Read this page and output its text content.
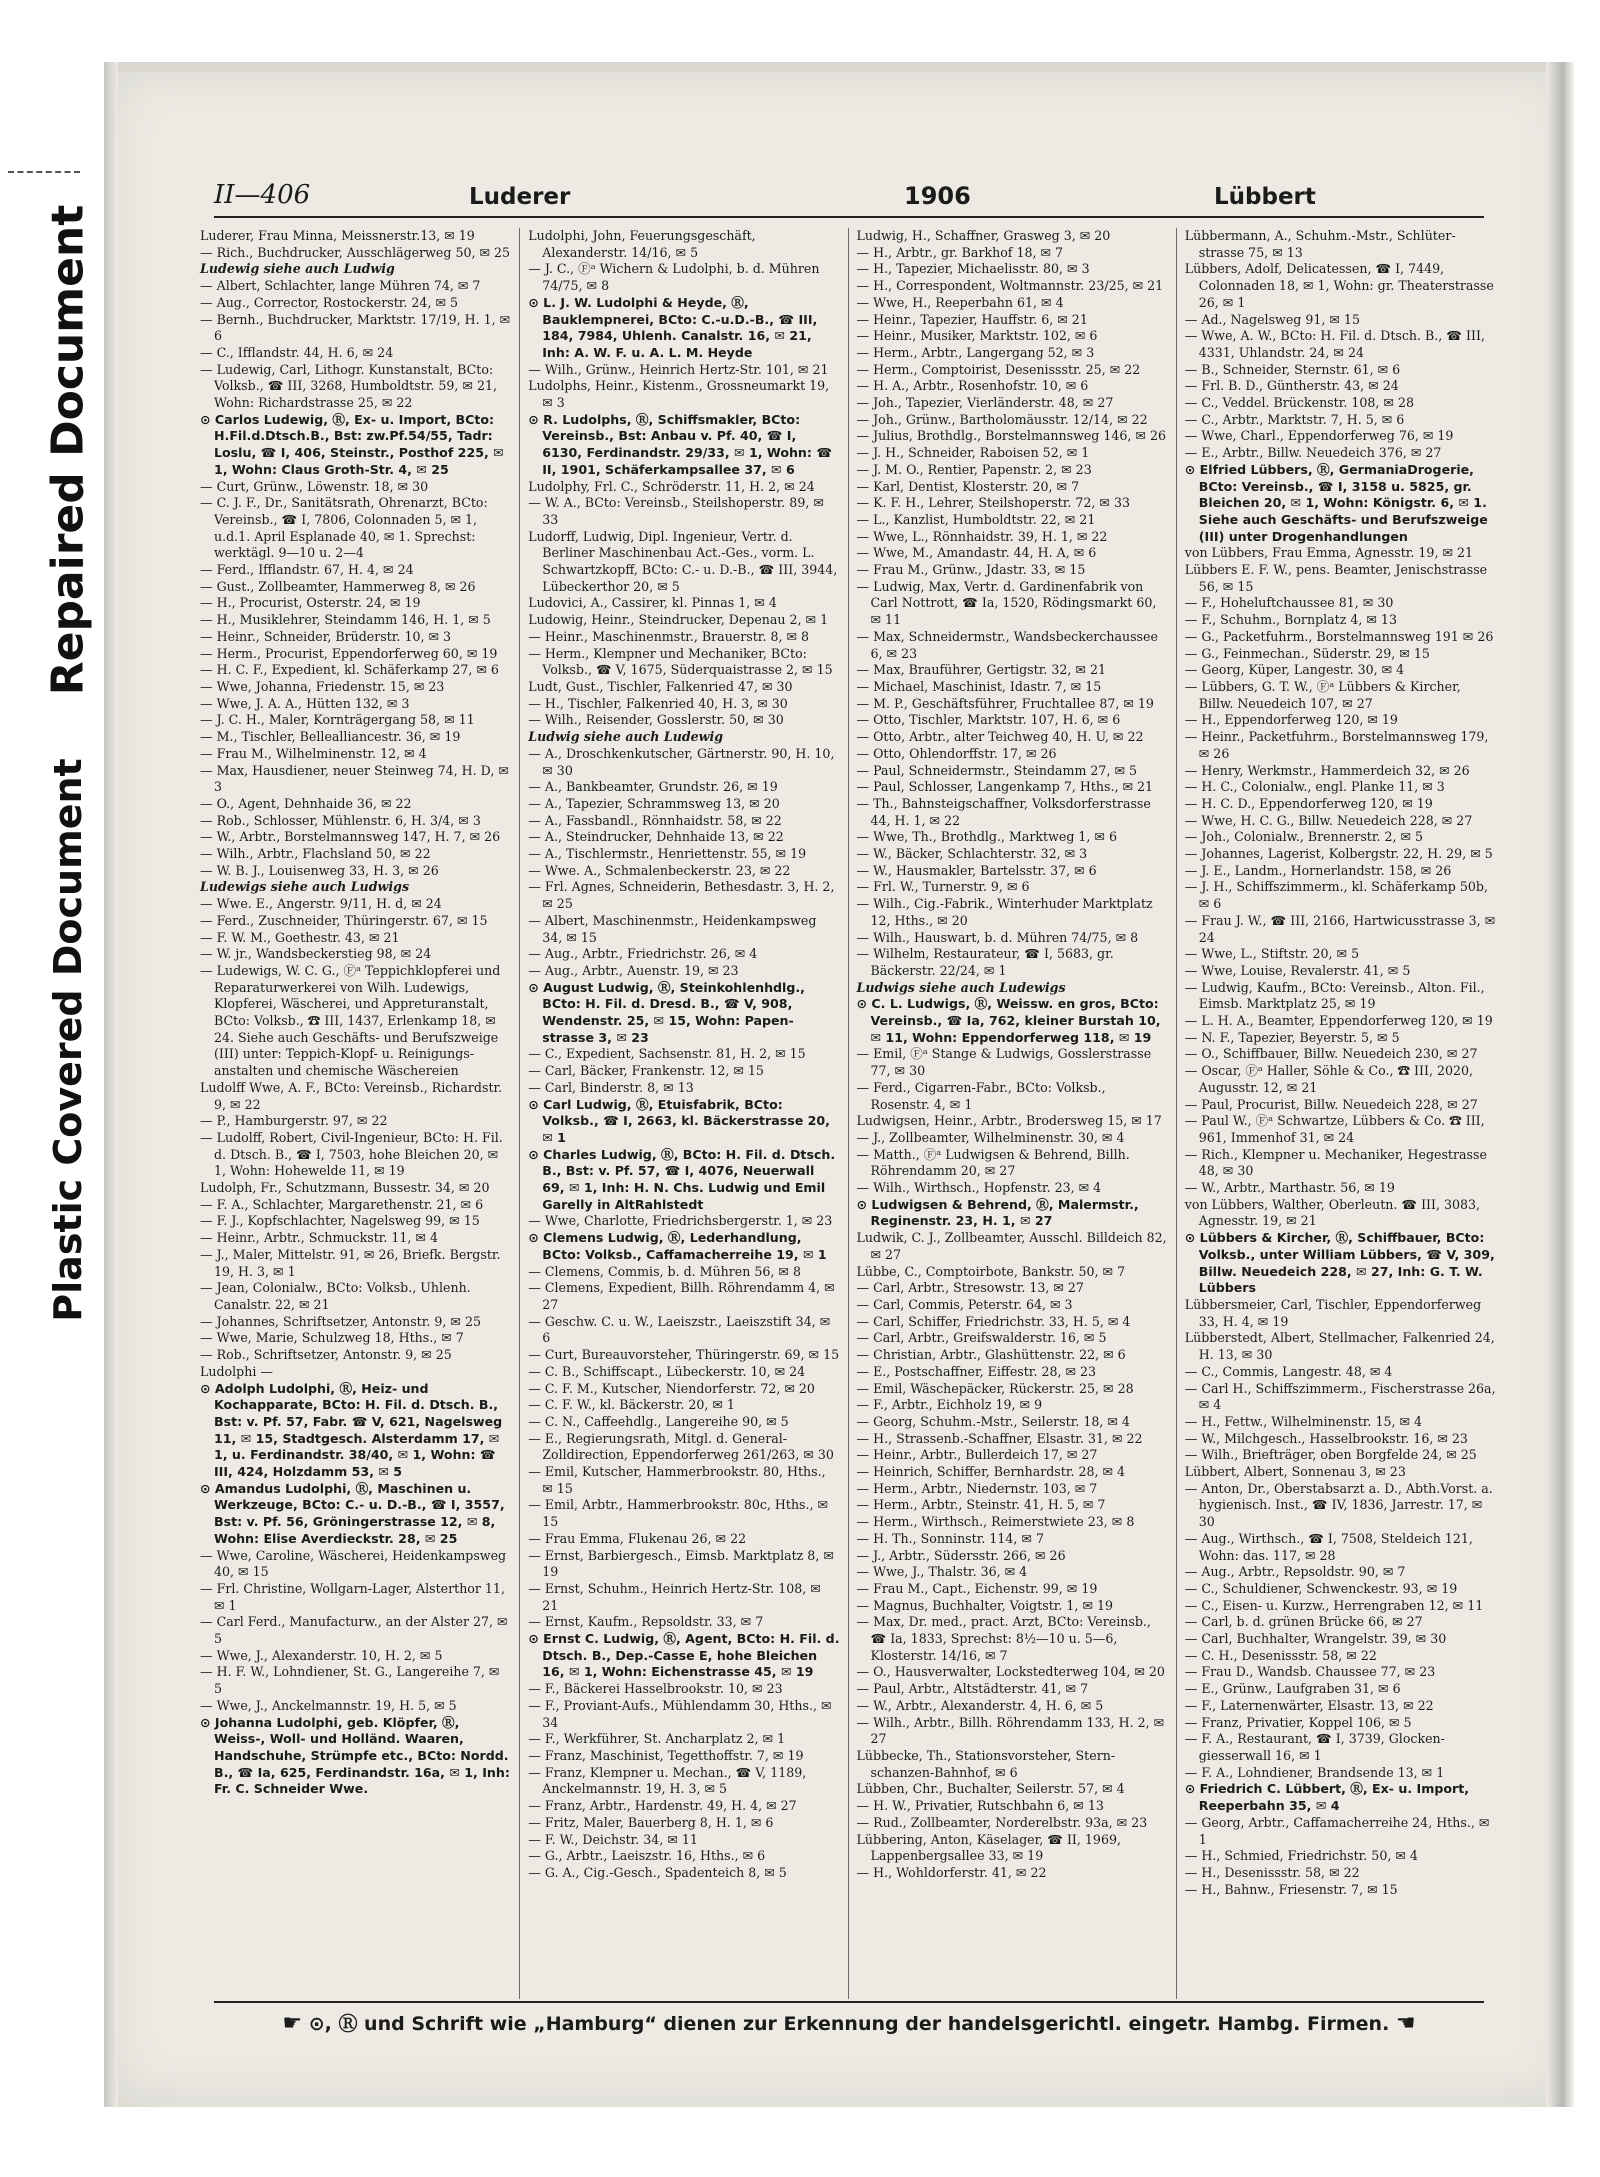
Repaired Document
Plastic Covered Document
II—406	Luderer	1906	Lübbert

Luderer, Frau Minna, Meissnerstr.13, ✉ 19

— Rich., Buchdrucker, Ausschlägerweg 50, ✉ 25

Ludewig siehe auch Ludwig

— Albert, Schlachter, lange Mühren 74, ✉ 7

— Aug., Corrector, Rostockerstr. 24, ✉ 5

— Bernh., Buchdrucker, Marktstr. 17/19, H. 1, ✉ 6

— C., Ifflandstr. 44, H. 6, ✉ 24

— Ludewig, Carl, Lithogr. Kunstanstalt, BCto: Volksb., ☎ III, 3268, Humboldtstr. 59, ✉ 21, Wohn: Richardstrasse 25, ✉ 22

⊙ Carlos Ludewig, Ⓡ, Ex- u. Import, BCto: H.Fil.d.Dtsch.B., Bst: zw.Pf.54/55, Tadr: Loslu, ☎ I, 406, Steinstr., Posthof 225, ✉ 1, Wohn: Claus Groth-Str. 4, ✉ 25

— Curt, Grünw., Löwenstr. 18, ✉ 30

— C. J. F., Dr., Sanitätsrath, Ohrenarzt, BCto: Vereinsb., ☎ I, 7806, Colonnaden 5, ✉ 1, u.d.1. April Esplanade 40, ✉ 1. Sprechst: werktägl. 9—10 u. 2—4

— Ferd., Ifflandstr. 67, H. 4, ✉ 24

— Gust., Zollbeamter, Hammerweg 8, ✉ 26

— H., Procurist, Osterstr. 24, ✉ 19

— H., Musiklehrer, Steindamm 146, H. 1, ✉ 5

— Heinr., Schneider, Brüderstr. 10, ✉ 3

— Herm., Procurist, Eppendorferweg 60, ✉ 19

— H. C. F., Expedient, kl. Schäferkamp 27, ✉ 6

— Wwe, Johanna, Friedenstr. 15, ✉ 23

— Wwe, J. A. A., Hütten 132, ✉ 3

— J. C. H., Maler, Kornträgergang 58, ✉ 11

— M., Tischler, Bellealliancestr. 36, ✉ 19

— Frau M., Wilhelminenstr. 12, ✉ 4

— Max, Hausdiener, neuer Steinweg 74, H. D, ✉ 3

— O., Agent, Dehnhaide 36, ✉ 22

— Rob., Schlosser, Mühlenstr. 6, H. 3/4, ✉ 3

— W., Arbtr., Borstelmannsweg 147, H. 7, ✉ 26

— Wilh., Arbtr., Flachsland 50, ✉ 22

— W. B. J., Louisenweg 33, H. 3, ✉ 26

Ludewigs siehe auch Ludwigs

— Wwe. E., Angerstr. 9/11, H. d, ✉ 24

— Ferd., Zuschneider, Thüringerstr. 67, ✉ 15

— F. W. M., Goethestr. 43, ✉ 21

— W. jr., Wandsbeckerstieg 98, ✉ 24

— Ludewigs, W. C. G., Ⓕᵃ Teppichklopferei und Reparaturwerkerei von Wilh. Ludewigs, Klopferei, Wäscherei, und Appreturanstalt, BCto: Volksb., ☎ III, 1437, Erlenkamp 18, ✉ 24. Siehe auch Geschäfts- und Berufszweige (III) unter: Teppich-Klopf- u. Reinigungsanstalten und chemische Wäschereien

Ludolff Wwe, A. F., BCto: Vereinsb., Richardstr. 9, ✉ 22

— P., Hamburgerstr. 97, ✉ 22

— Ludolff, Robert, Civil-Ingenieur, BCto: H. Fil. d. Dtsch. B., ☎ I, 7503, hohe Bleichen 20, ✉ 1, Wohn: Hohewelde 11, ✉ 19

Ludolph, Fr., Schutzmann, Bussestr. 34, ✉ 20

— F. A., Schlachter, Margarethenstr. 21, ✉ 6

— F. J., Kopfschlachter, Nagelsweg 99, ✉ 15

— Heinr., Arbtr., Schmuckstr. 11, ✉ 4

— J., Maler, Mittelstr. 91, ✉ 26, Briefk. Bergstr. 19, H. 3, ✉ 1

— Jean, Colonialw., BCto: Volksb., Uhlenh. Canalstr. 22, ✉ 21

— Johannes, Schriftsetzer, Antonstr. 9, ✉ 25

— Wwe, Marie, Schulzweg 18, Hths., ✉ 7

— Rob., Schriftsetzer, Antonstr. 9, ✉ 25

Ludolphi —

⊙ Adolph Ludolphi, Ⓡ, Heiz- und Kochapparate, BCto: H. Fil. d. Dtsch. B., Bst: v. Pf. 57, Fabr. ☎ V, 621, Nagelsweg 11, ✉ 15, Stadtgesch. Alsterdamm 17, ✉ 1, u. Ferdinandstr. 38/40, ✉ 1, Wohn: ☎ III, 424, Holzdamm 53, ✉ 5

⊙ Amandus Ludolphi, Ⓡ, Maschinen u. Werkzeuge, BCto: C.- u. D.-B., ☎ I, 3557, Bst: v. Pf. 56, Gröningerstrasse 12, ✉ 8, Wohn: Elise Averdieckstr. 28, ✉ 25

— Wwe, Caroline, Wäscherei, Heidenkampsweg 40, ✉ 15

— Frl. Christine, Wollgarn-Lager, Alsterthor 11, ✉ 1

— Carl Ferd., Manufacturw., an der Alster 27, ✉ 5

— Wwe, J., Alexanderstr. 10, H. 2, ✉ 5

— H. F. W., Lohndiener, St. G., Langereihe 7, ✉ 5

— Wwe, J., Anckelmannstr. 19, H. 5, ✉ 5

⊙ Johanna Ludolphi, geb. Klöpfer, Ⓡ, Weiss-, Woll- und Holländ. Waaren, Handschuhe, Strümpfe etc., BCto: Nordd. B., ☎ Ia, 625, Ferdinandstr. 16a, ✉ 1, Inh: Fr. C. Schneider Wwe.

Ludolphi, John, Feuerungsgeschäft, Alexanderstr. 14/16, ✉ 5

— J. C., Ⓕᵃ Wichern & Ludolphi, b. d. Mühren 74/75, ✉ 8

⊙ L. J. W. Ludolphi & Heyde, Ⓡ, Bauklempnerei, BCto: C.-u.D.-B., ☎ III, 184, 7984, Uhlenh. Canalstr. 16, ✉ 21, Inh: A. W. F. u. A. L. M. Heyde

— Wilh., Grünw., Heinrich Hertz-Str. 101, ✉ 21

Ludolphs, Heinr., Kistenm., Grossneumarkt 19, ✉ 3

⊙ R. Ludolphs, Ⓡ, Schiffsmakler, BCto: Vereinsb., Bst: Anbau v. Pf. 40, ☎ I, 6130, Ferdinandstr. 29/33, ✉ 1, Wohn: ☎ II, 1901, Schäferkampsallee 37, ✉ 6

Ludolphy, Frl. C., Schröderstr. 11, H. 2, ✉ 24

— W. A., BCto: Vereinsb., Steilshoperstr. 89, ✉ 33

Ludorff, Ludwig, Dipl. Ingenieur, Vertr. d. Berliner Maschinenbau Act.-Ges., vorm. L. Schwartzkopff, BCto: C.- u. D.-B., ☎ III, 3944, Lübeckerthor 20, ✉ 5

Ludovici, A., Cassirer, kl. Pinnas 1, ✉ 4

Ludowig, Heinr., Steindrucker, Depenau 2, ✉ 1

— Heinr., Maschinenmstr., Brauerstr. 8, ✉ 8

— Herm., Klempner und Mechaniker, BCto: Volksb., ☎ V, 1675, Süderquaistrasse 2, ✉ 15

Ludt, Gust., Tischler, Falkenried 47, ✉ 30

— H., Tischler, Falkenried 40, H. 3, ✉ 30

— Wilh., Reisender, Gosslerstr. 50, ✉ 30

Ludwig siehe auch Ludewig

— A., Droschkenkutscher, Gärtnerstr. 90, H. 10, ✉ 30

— A., Bankbeamter, Grundstr. 26, ✉ 19

— A., Tapezier, Schrammsweg 13, ✉ 20

— A., Fassbandl., Rönnhaidstr. 58, ✉ 22

— A., Steindrucker, Dehnhaide 13, ✉ 22

— A., Tischlermstr., Henriettenstr. 55, ✉ 19

— Wwe. A., Schmalenbeckerstr. 23, ✉ 22

— Frl. Agnes, Schneiderin, Bethesdastr. 3, H. 2, ✉ 25

— Albert, Maschinenmstr., Heidenkampsweg 34, ✉ 15

— Aug., Arbtr., Friedrichstr. 26, ✉ 4

— Aug., Arbtr., Auenstr. 19, ✉ 23

⊙ August Ludwig, Ⓡ, Steinkohlenhdlg., BCto: H. Fil. d. Dresd. B., ☎ V, 908, Wendenstr. 25, ✉ 15, Wohn: Papenstrasse 3, ✉ 23

— C., Expedient, Sachsenstr. 81, H. 2, ✉ 15

— Carl, Bäcker, Frankenstr. 12, ✉ 15

— Carl, Binderstr. 8, ✉ 13

⊙ Carl Ludwig, Ⓡ, Etuisfabrik, BCto: Volksb., ☎ I, 2663, kl. Bäckerstrasse 20, ✉ 1

⊙ Charles Ludwig, Ⓡ, BCto: H. Fil. d. Dtsch. B., Bst: v. Pf. 57, ☎ I, 4076, Neuerwall 69, ✉ 1, Inh: H. N. Chs. Ludwig und Emil Garelly in AltRahlstedt

— Wwe, Charlotte, Friedrichsbergerstr. 1, ✉ 23

⊙ Clemens Ludwig, Ⓡ, Lederhandlung, BCto: Volksb., Caffamacherreihe 19, ✉ 1

— Clemens, Commis, b. d. Mühren 56, ✉ 8

— Clemens, Expedient, Billh. Röhrendamm 4, ✉ 27

— Geschw. C. u. W., Laeiszstr., Laeiszstift 34, ✉ 6

— Curt, Bureauvorsteher, Thüringerstr. 69, ✉ 15

— C. B., Schiffscapt., Lübeckerstr. 10, ✉ 24

— C. F. M., Kutscher, Niendorferstr. 72, ✉ 20

— C. F. W., kl. Bäckerstr. 20, ✉ 1

— C. N., Caffeehdlg., Langereihe 90, ✉ 5

— E., Regierungsrath, Mitgl. d. GeneralZolldirection, Eppendorferweg 261/263, ✉ 30

— Emil, Kutscher, Hammerbrookstr. 80, Hths., ✉ 15

— Emil, Arbtr., Hammerbrookstr. 80c, Hths., ✉ 15

— Frau Emma, Flukenau 26, ✉ 22

— Ernst, Barbiergesch., Eimsb. Marktplatz 8, ✉ 19

— Ernst, Schuhm., Heinrich Hertz-Str. 108, ✉ 21

— Ernst, Kaufm., Repsoldstr. 33, ✉ 7

⊙ Ernst C. Ludwig, Ⓡ, Agent, BCto: H. Fil. d. Dtsch. B., Dep.-Casse E, hohe Bleichen 16, ✉ 1, Wohn: Eichenstrasse 45, ✉ 19

— F., Bäckerei Hasselbrookstr. 10, ✉ 23

— F., Proviant-Aufs., Mühlendamm 30, Hths., ✉ 34

— F., Werkführer, St. Ancharplatz 2, ✉ 1

— Franz, Maschinist, Tegetthoffstr. 7, ✉ 19

— Franz, Klempner u. Mechan., ☎ V, 1189, Anckelmannstr. 19, H. 3, ✉ 5

— Franz, Arbtr., Hardenstr. 49, H. 4, ✉ 27

— Fritz, Maler, Bauerberg 8, H. 1, ✉ 6

— F. W., Deichstr. 34, ✉ 11

— G., Arbtr., Laeiszstr. 16, Hths., ✉ 6

— G. A., Cig.-Gesch., Spadenteich 8, ✉ 5

Ludwig, H., Schaffner, Grasweg 3, ✉ 20

— H., Arbtr., gr. Barkhof 18, ✉ 7

— H., Tapezier, Michaelisstr. 80, ✉ 3

— H., Correspondent, Woltmannstr. 23/25, ✉ 21

— Wwe, H., Reeperbahn 61, ✉ 4

— Heinr., Tapezier, Hauffstr. 6, ✉ 21

— Heinr., Musiker, Marktstr. 102, ✉ 6

— Herm., Arbtr., Langergang 52, ✉ 3

— Herm., Comptoirist, Desenissstr. 25, ✉ 22

— H. A., Arbtr., Rosenhofstr. 10, ✉ 6

— Joh., Tapezier, Vierländerstr. 48, ✉ 27

— Joh., Grünw., Bartholomäusstr. 12/14, ✉ 22

— Julius, Brothdlg., Borstelmannsweg 146, ✉ 26

— J. H., Schneider, Raboisen 52, ✉ 1

— J. M. O., Rentier, Papenstr. 2, ✉ 23

— Karl, Dentist, Klosterstr. 20, ✉ 7

— K. F. H., Lehrer, Steilshoperstr. 72, ✉ 33

— L., Kanzlist, Humboldtstr. 22, ✉ 21

— Wwe, L., Rönnhaidstr. 39, H. 1, ✉ 22

— Wwe, M., Amandastr. 44, H. A, ✉ 6

— Frau M., Grünw., Jdastr. 33, ✉ 15

— Ludwig, Max, Vertr. d. Gardinenfabrik von Carl Nottrott, ☎ Ia, 1520, Rödingsmarkt 60, ✉ 11

— Max, Schneidermstr., Wandsbeckerchaussee 6, ✉ 23

— Max, Brauführer, Gertigstr. 32, ✉ 21

— Michael, Maschinist, Idastr. 7, ✉ 15

— M. P., Geschäftsführer, Fruchtallee 87, ✉ 19

— Otto, Tischler, Marktstr. 107, H. 6, ✉ 6

— Otto, Arbtr., alter Teichweg 40, H. U, ✉ 22

— Otto, Ohlendorffstr. 17, ✉ 26

— Paul, Schneidermstr., Steindamm 27, ✉ 5

— Paul, Schlosser, Langenkamp 7, Hths., ✉ 21

— Th., Bahnsteigschaffner, Volksdorferstrasse 44, H. 1, ✉ 22

— Wwe, Th., Brothdlg., Marktweg 1, ✉ 6

— W., Bäcker, Schlachterstr. 32, ✉ 3

— W., Hausmakler, Bartelsstr. 37, ✉ 6

— Frl. W., Turnerstr. 9, ✉ 6

— Wilh., Cig.-Fabrik., Winterhuder Marktplatz 12, Hths., ✉ 20

— Wilh., Hauswart, b. d. Mühren 74/75, ✉ 8

— Wilhelm, Restaurateur, ☎ I, 5683, gr. Bäckerstr. 22/24, ✉ 1

Ludwigs siehe auch Ludewigs

⊙ C. L. Ludwigs, Ⓡ, Weissw. en gros, BCto: Vereinsb., ☎ Ia, 762, kleiner Burstah 10, ✉ 11, Wohn: Eppendorferweg 118, ✉ 19

— Emil, Ⓕᵃ Stange & Ludwigs, Gosslerstrasse 77, ✉ 30

— Ferd., Cigarren-Fabr., BCto: Volksb., Rosenstr. 4, ✉ 1

Ludwigsen, Heinr., Arbtr., Brodersweg 15, ✉ 17

— J., Zollbeamter, Wilhelminenstr. 30, ✉ 4

— Matth., Ⓕᵃ Ludwigsen & Behrend, Billh. Röhrendamm 20, ✉ 27

— Wilh., Wirthsch., Hopfenstr. 23, ✉ 4

⊙ Ludwigsen & Behrend, Ⓡ, Malermstr., Reginenstr. 23, H. 1, ✉ 27

Ludwik, C. J., Zollbeamter, Ausschl. Billdeich 82, ✉ 27

Lübbe, C., Comptoirbote, Bankstr. 50, ✉ 7

— Carl, Arbtr., Stresowstr. 13, ✉ 27

— Carl, Commis, Peterstr. 64, ✉ 3

— Carl, Schiffer, Friedrichstr. 33, H. 5, ✉ 4

— Carl, Arbtr., Greifswalderstr. 16, ✉ 5

— Christian, Arbtr., Glashüttenstr. 22, ✉ 6

— E., Postschaffner, Eiffestr. 28, ✉ 23

— Emil, Wäschepäcker, Rückerstr. 25, ✉ 28

— F., Arbtr., Eichholz 19, ✉ 9

— Georg, Schuhm.-Mstr., Seilerstr. 18, ✉ 4

— H., Strassenb.-Schaffner, Elsastr. 31, ✉ 22

— Heinr., Arbtr., Bullerdeich 17, ✉ 27

— Heinrich, Schiffer, Bernhardstr. 28, ✉ 4

— Herm., Arbtr., Niedernstr. 103, ✉ 7

— Herm., Arbtr., Steinstr. 41, H. 5, ✉ 7

— Herm., Wirthsch., Reimerstwiete 23, ✉ 8

— H. Th., Sonninstr. 114, ✉ 7

— J., Arbtr., Südersstr. 266, ✉ 26

— Wwe, J., Thalstr. 36, ✉ 4

— Frau M., Capt., Eichenstr. 99, ✉ 19

— Magnus, Buchhalter, Voigtstr. 1, ✉ 19

— Max, Dr. med., pract. Arzt, BCto: Vereinsb., ☎ Ia, 1833, Sprechst: 8½—10 u. 5—6, Klosterstr. 14/16, ✉ 7

— O., Hausverwalter, Lockstedterweg 104, ✉ 20

— Paul, Arbtr., Altstädterstr. 41, ✉ 7

— W., Arbtr., Alexanderstr. 4, H. 6, ✉ 5

— Wilh., Arbtr., Billh. Röhrendamm 133, H. 2, ✉ 27

Lübbecke, Th., Stationsvorsteher, Sternschanzen-Bahnhof, ✉ 6

Lübben, Chr., Buchalter, Seilerstr. 57, ✉ 4

— H. W., Privatier, Rutschbahn 6, ✉ 13

— Rud., Zollbeamter, Norderelbstr. 93a, ✉ 23

Lübbering, Anton, Käselager, ☎ II, 1969, Lappenbergsallee 33, ✉ 19

— H., Wohldorferstr. 41, ✉ 22

Lübbermann, A., Schuhm.-Mstr., Schlüterstrasse 75, ✉ 13

Lübbers, Adolf, Delicatessen, ☎ I, 7449, Colonnaden 18, ✉ 1, Wohn: gr. Theaterstrasse 26, ✉ 1

— Ad., Nagelsweg 91, ✉ 15

— Wwe, A. W., BCto: H. Fil. d. Dtsch. B., ☎ III, 4331, Uhlandstr. 24, ✉ 24

— B., Schneider, Sternstr. 61, ✉ 6

— Frl. B. D., Güntherstr. 43, ✉ 24

— C., Veddel. Brückenstr. 108, ✉ 28

— C., Arbtr., Marktstr. 7, H. 5, ✉ 6

— Wwe, Charl., Eppendorferweg 76, ✉ 19

— E., Arbtr., Billw. Neuedeich 376, ✉ 27

⊙ Elfried Lübbers, Ⓡ, GermaniaDrogerie, BCto: Vereinsb., ☎ I, 3158 u. 5825, gr. Bleichen 20, ✉ 1, Wohn: Königstr. 6, ✉ 1. Siehe auch Geschäfts- und Berufszweige (III) unter Drogenhandlungen

von Lübbers, Frau Emma, Agnesstr. 19, ✉ 21

Lübbers E. F. W., pens. Beamter, Jenischstrasse 56, ✉ 15

— F., Hoheluftchaussee 81, ✉ 30

— F., Schuhm., Bornplatz 4, ✉ 13

— G., Packetfuhrm., Borstelmannsweg 191 ✉ 26

— G., Feinmechan., Süderstr. 29, ✉ 15

— Georg, Küper, Langestr. 30, ✉ 4

— Lübbers, G. T. W., Ⓕᵃ Lübbers & Kircher, Billw. Neuedeich 107, ✉ 27

— H., Eppendorferweg 120, ✉ 19

— Heinr., Packetfuhrm., Borstelmannsweg 179, ✉ 26

— Henry, Werkmstr., Hammerdeich 32, ✉ 26

— H. C., Colonialw., engl. Planke 11, ✉ 3

— H. C. D., Eppendorferweg 120, ✉ 19

— Wwe, H. C. G., Billw. Neuedeich 228, ✉ 27

— Joh., Colonialw., Brennerstr. 2, ✉ 5

— Johannes, Lagerist, Kolbergstr. 22, H. 29, ✉ 5

— J. E., Landm., Hornerlandstr. 158, ✉ 26

— J. H., Schiffszimmerm., kl. Schäferkamp 50b, ✉ 6

— Frau J. W., ☎ III, 2166, Hartwicusstrasse 3, ✉ 24

— Wwe, L., Stiftstr. 20, ✉ 5

— Wwe, Louise, Revalerstr. 41, ✉ 5

— Ludwig, Kaufm., BCto: Vereinsb., Alton. Fil., Eimsb. Marktplatz 25, ✉ 19

— L. H. A., Beamter, Eppendorferweg 120, ✉ 19

— N. F., Tapezier, Beyerstr. 5, ✉ 5

— O., Schiffbauer, Billw. Neuedeich 230, ✉ 27

— Oscar, Ⓕᵃ Haller, Söhle & Co., ☎ III, 2020, Augusstr. 12, ✉ 21

— Paul, Procurist, Billw. Neuedeich 228, ✉ 27

— Paul W., Ⓕᵃ Schwartze, Lübbers & Co. ☎ III, 961, Immenhof 31, ✉ 24

— Rich., Klempner u. Mechaniker, Hegestrasse 48, ✉ 30

— W., Arbtr., Marthastr. 56, ✉ 19

von Lübbers, Walther, Oberleutn. ☎ III, 3083, Agnesstr. 19, ✉ 21

⊙ Lübbers & Kircher, Ⓡ, Schiffbauer, BCto: Volksb., unter William Lübbers, ☎ V, 309, Billw. Neuedeich 228, ✉ 27, Inh: G. T. W. Lübbers

Lübbersmeier, Carl, Tischler, Eppendorferweg 33, H. 4, ✉ 19

Lübberstedt, Albert, Stellmacher, Falkenried 24, H. 13, ✉ 30

— C., Commis, Langestr. 48, ✉ 4

— Carl H., Schiffszimmerm., Fischerstrasse 26a, ✉ 4

— H., Fettw., Wilhelminenstr. 15, ✉ 4

— W., Milchgesch., Hasselbrookstr. 16, ✉ 23

— Wilh., Briefträger, oben Borgfelde 24, ✉ 25

Lübbert, Albert, Sonnenau 3, ✉ 23

— Anton, Dr., Oberstabsarzt a. D., Abth.Vorst. a. hygienisch. Inst., ☎ IV, 1836, Jarrestr. 17, ✉ 30

— Aug., Wirthsch., ☎ I, 7508, Steldeich 121, Wohn: das. 117, ✉ 28

— Aug., Arbtr., Repsoldstr. 90, ✉ 7

— C., Schuldiener, Schwenckestr. 93, ✉ 19

— C., Eisen- u. Kurzw., Herrengraben 12, ✉ 11

— Carl, b. d. grünen Brücke 66, ✉ 27

— Carl, Buchhalter, Wrangelstr. 39, ✉ 30

— C. H., Desenissstr. 58, ✉ 22

— Frau D., Wandsb. Chaussee 77, ✉ 23

— E., Grünw., Laufgraben 31, ✉ 6

— F., Laternenwärter, Elsastr. 13, ✉ 22

— Franz, Privatier, Koppel 106, ✉ 5

— F. A., Restaurant, ☎ I, 3739, Glockengiesserwall 16, ✉ 1

— F. A., Lohndiener, Brandsende 13, ✉ 1

⊙ Friedrich C. Lübbert, Ⓡ, Ex- u. Import, Reeperbahn 35, ✉ 4

— Georg, Arbtr., Caffamacherreihe 24, Hths., ✉ 1

— H., Schmied, Friedrichstr. 50, ✉ 4

— H., Desenissstr. 58, ✉ 22

— H., Bahnw., Friesenstr. 7, ✉ 15

☛ ⊙, Ⓡ und Schrift wie „Hamburg“ dienen zur Erkennung der handelsgerichtl. eingetr. Hambg. Firmen. ☚
